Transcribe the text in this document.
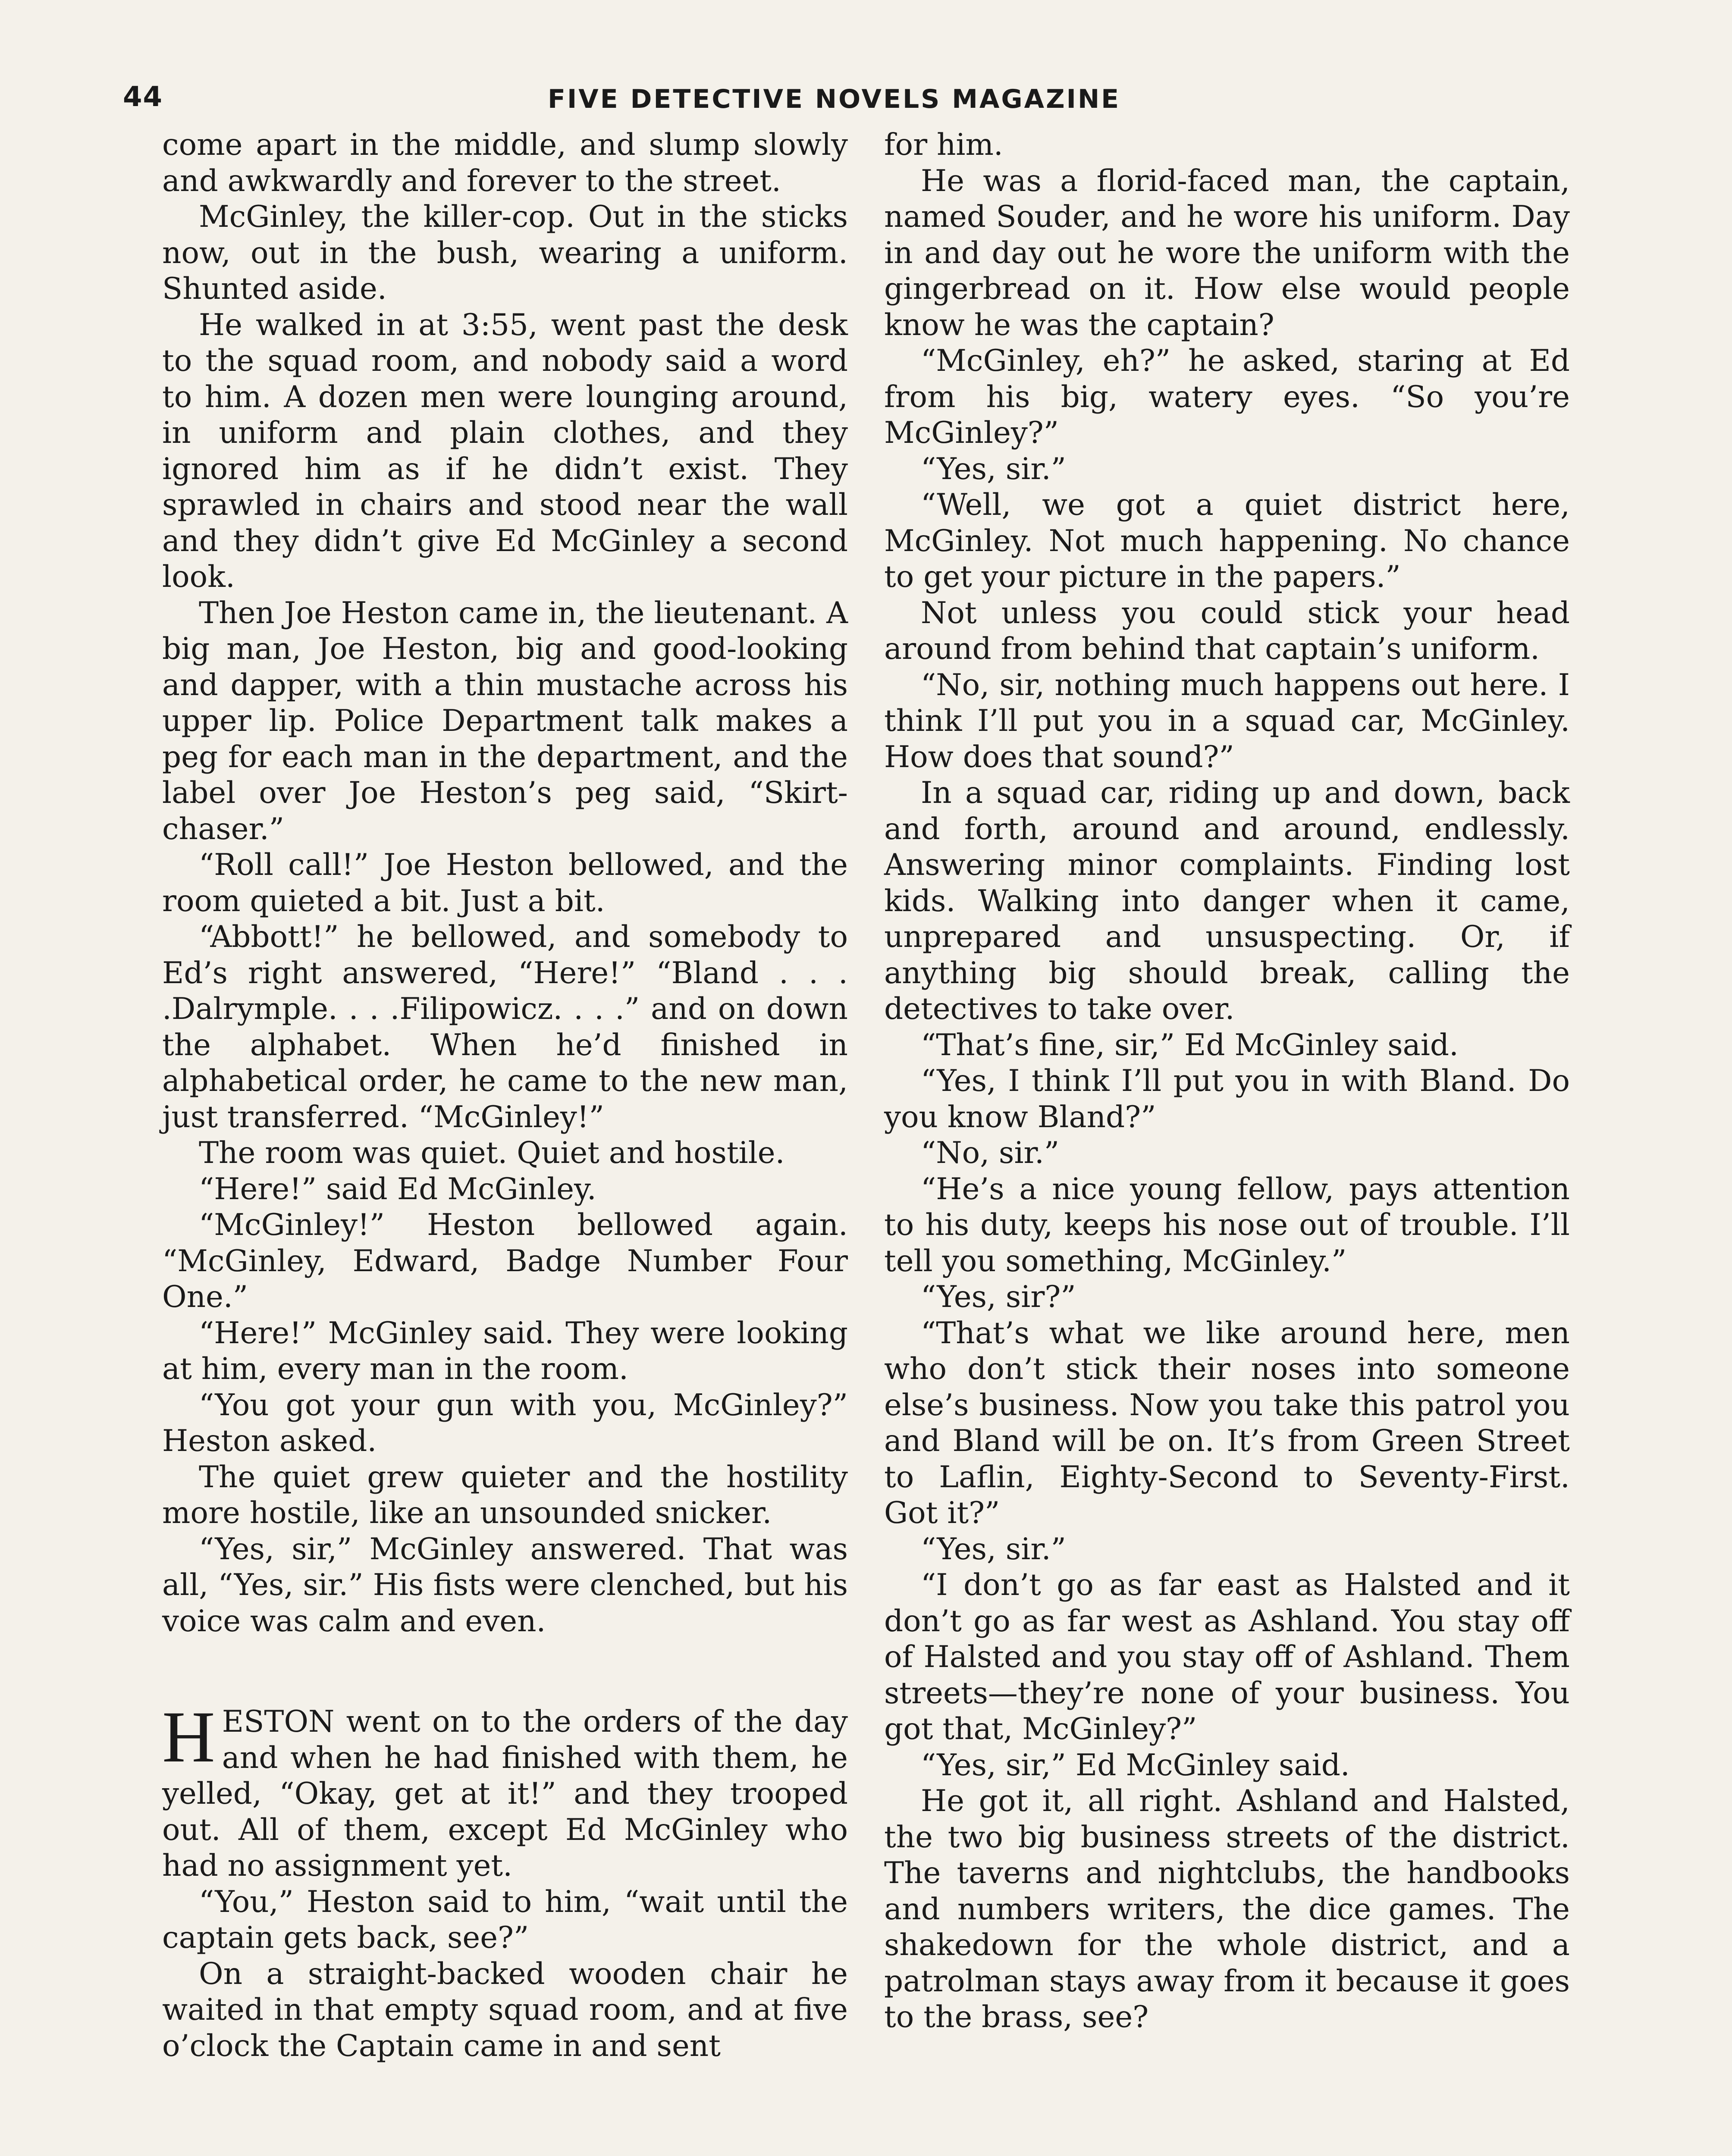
44	FIVE DETECTIVE NOVELS MAGAZINE

come apart in the middle, and slump slowly and awkwardly and forever to the street.

McGinley, the killer-cop. Out in the sticks now, out in the bush, wearing a uniform. Shunted aside.

He walked in at 3:55, went past the desk to the squad room, and nobody said a word to him. A dozen men were lounging around, in uniform and plain clothes, and they ignored him as if he didn’t exist. They sprawled in chairs and stood near the wall and they didn’t give Ed McGinley a second look.

Then Joe Heston came in, the lieutenant. A big man, Joe Heston, big and good-looking and dapper, with a thin mustache across his upper lip. Police Department talk makes a peg for each man in the department, and the label over Joe Heston’s peg said, “Skirt-chaser.”

“Roll call!” Joe Heston bellowed, and the room quieted a bit. Just a bit.

“Abbott!” he bellowed, and somebody to Ed’s right answered, “Here!” “Bland . . . .Dalrymple. . . .Filipowicz. . . .” and on down the alphabet. When he’d finished in alphabetical order, he came to the new man, just transferred. “McGinley!”

The room was quiet. Quiet and hostile.

“Here!” said Ed McGinley.

“McGinley!” Heston bellowed again. “McGinley, Edward, Badge Number Four One.”

“Here!” McGinley said. They were looking at him, every man in the room.

“You got your gun with you, McGinley?” Heston asked.

The quiet grew quieter and the hostility more hostile, like an unsounded snicker.

“Yes, sir,” McGinley answered. That was all, “Yes, sir.” His fists were clenched, but his voice was calm and even.

HESTON went on to the orders of the day and when he had finished with them, he yelled, “Okay, get at it!” and they trooped out. All of them, except Ed McGinley who had no assignment yet.

“You,” Heston said to him, “wait until the captain gets back, see?”

On a straight-backed wooden chair he waited in that empty squad room, and at five o’clock the Captain came in and sent

for him.

He was a florid-faced man, the captain, named Souder, and he wore his uniform. Day in and day out he wore the uniform with the gingerbread on it. How else would people know he was the captain?

“McGinley, eh?” he asked, staring at Ed from his big, watery eyes. “So you’re McGinley?”

“Yes, sir.”

“Well, we got a quiet district here, McGinley. Not much happening. No chance to get your picture in the papers.”

Not unless you could stick your head around from behind that captain’s uniform.

“No, sir, nothing much happens out here. I think I’ll put you in a squad car, McGinley. How does that sound?”

In a squad car, riding up and down, back and forth, around and around, endlessly. Answering minor complaints. Finding lost kids. Walking into danger when it came, unprepared and unsuspecting. Or, if anything big should break, calling the detectives to take over.

“That’s fine, sir,” Ed McGinley said.

“Yes, I think I’ll put you in with Bland. Do you know Bland?”

“No, sir.”

“He’s a nice young fellow, pays attention to his duty, keeps his nose out of trouble. I’ll tell you something, McGinley.”

“Yes, sir?”

“That’s what we like around here, men who don’t stick their noses into someone else’s business. Now you take this patrol you and Bland will be on. It’s from Green Street to Laflin, Eighty-Second to Seventy-First. Got it?”

“Yes, sir.”

“I don’t go as far east as Halsted and it don’t go as far west as Ashland. You stay off of Halsted and you stay off of Ashland. Them streets—they’re none of your business. You got that, McGinley?”

“Yes, sir,” Ed McGinley said.

He got it, all right. Ashland and Halsted, the two big business streets of the district. The taverns and nightclubs, the handbooks and numbers writers, the dice games. The shakedown for the whole district, and a patrolman stays away from it because it goes to the brass, see?
